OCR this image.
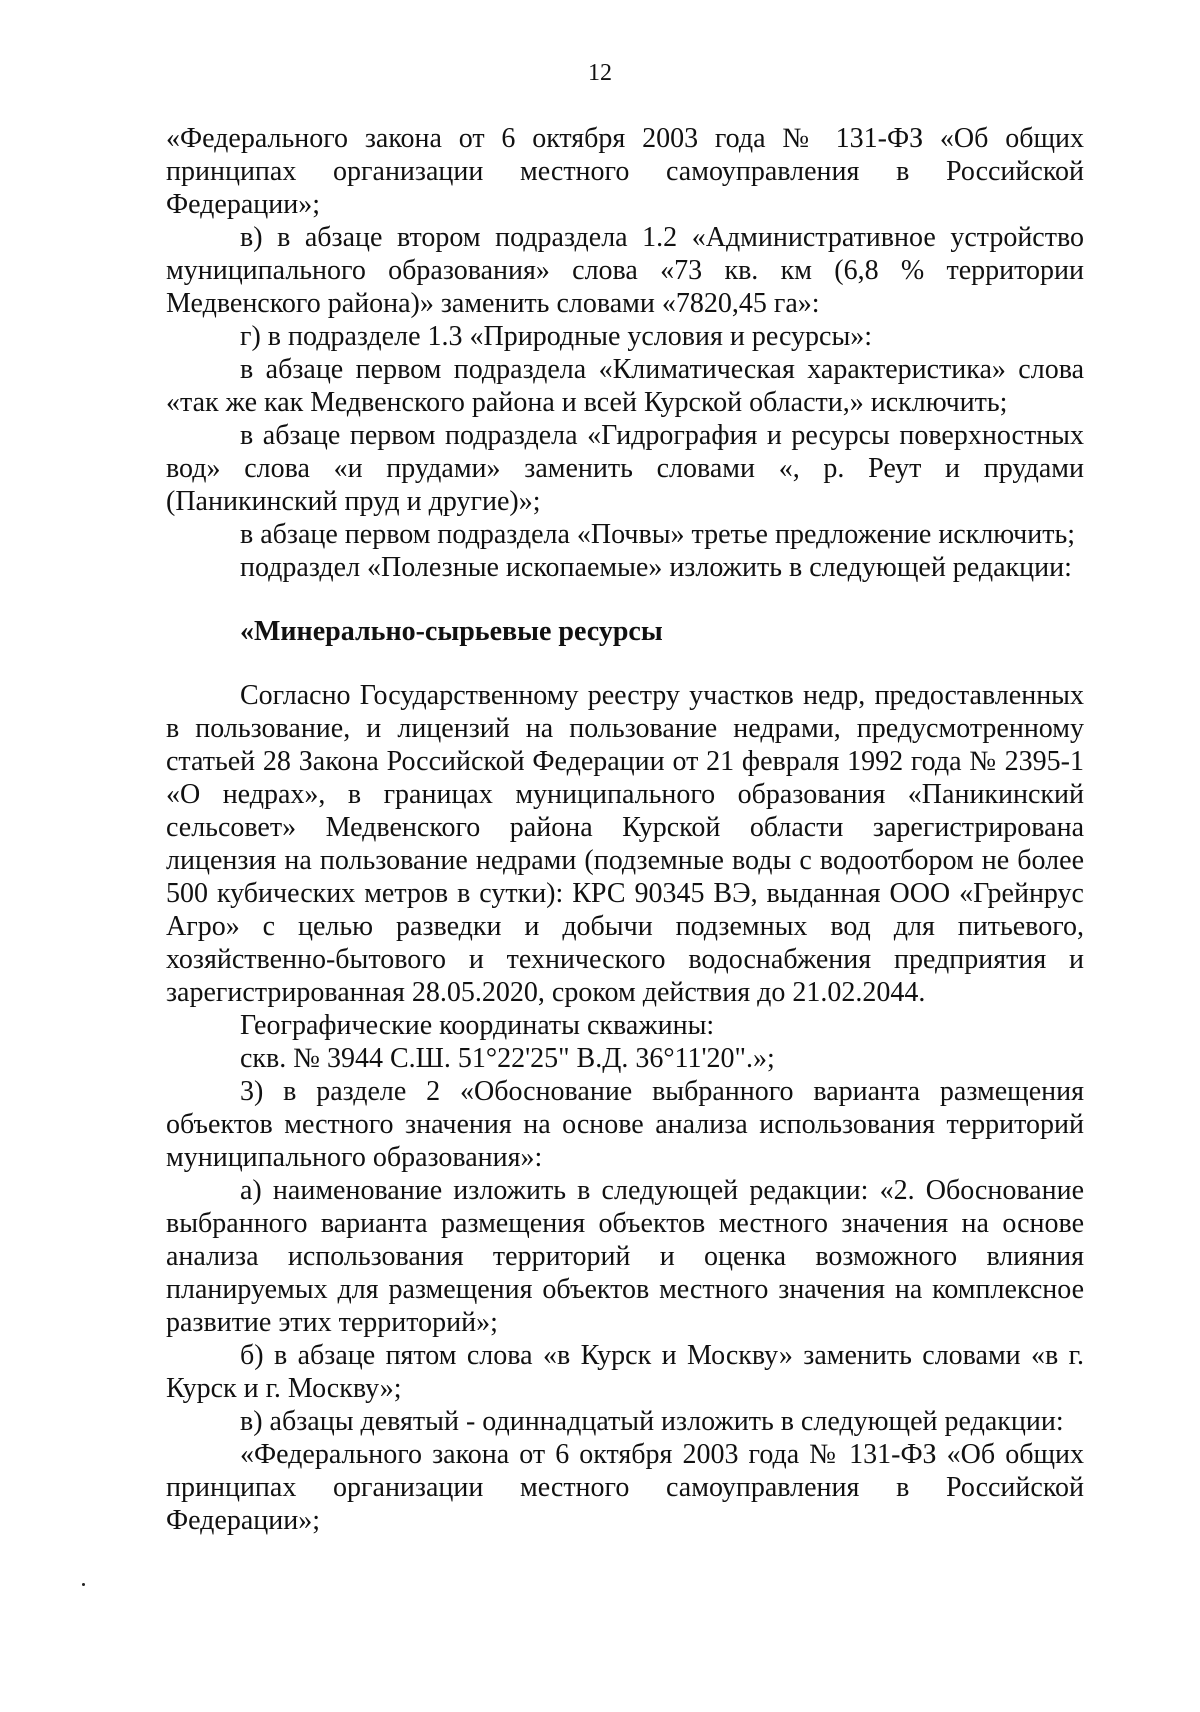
12

«Федерального закона от 6 октября 2003 года № 131-ФЗ «Об общих принципах организации местного самоуправления в Российской Федерации»;

в) в абзаце втором подраздела 1.2 «Административное устройство муниципального образования» слова «73 кв. км (6,8 % территории Медвенского района)» заменить словами «7820,45 га»:

г) в подразделе 1.3 «Природные условия и ресурсы»:

в абзаце первом подраздела «Климатическая характеристика» слова «так же как Медвенского района и всей Курской области,» исключить;

в абзаце первом подраздела «Гидрография и ресурсы поверхностных вод» слова «и прудами» заменить словами «, р. Реут и прудами (Паникинский пруд и другие)»;

в абзаце первом подраздела «Почвы» третье предложение исключить;

подраздел «Полезные ископаемые» изложить в следующей редакции:

«Минерально-сырьевые ресурсы

Согласно Государственному реестру участков недр, предоставленных в пользование, и лицензий на пользование недрами, предусмотренному статьей 28 Закона Российской Федерации от 21 февраля 1992 года № 2395-1 «О недрах», в границах муниципального образования «Паникинский сельсовет» Медвенского района Курской области зарегистрирована лицензия на пользование недрами (подземные воды с водоотбором не более 500 кубических метров в сутки): КРС 90345 ВЭ, выданная ООО «Грейнрус Агро» с целью разведки и добычи подземных вод для питьевого, хозяйственно-бытового и технического водоснабжения предприятия и зарегистрированная 28.05.2020, сроком действия до 21.02.2044.

Географические координаты скважины:

скв. № 3944 С.Ш. 51°22'25" В.Д. 36°11'20".»;

3) в разделе 2 «Обоснование выбранного варианта размещения объектов местного значения на основе анализа использования территорий муниципального образования»:

а) наименование изложить в следующей редакции: «2. Обоснование выбранного варианта размещения объектов местного значения на основе анализа использования территорий и оценка возможного влияния планируемых для размещения объектов местного значения на комплексное развитие этих территорий»;

б) в абзаце пятом слова «в Курск и Москву» заменить словами «в г. Курск и г. Москву»;

в) абзацы девятый - одиннадцатый изложить в следующей редакции:

«Федерального закона от 6 октября 2003 года № 131-ФЗ «Об общих принципах организации местного самоуправления в Российской Федерации»;
